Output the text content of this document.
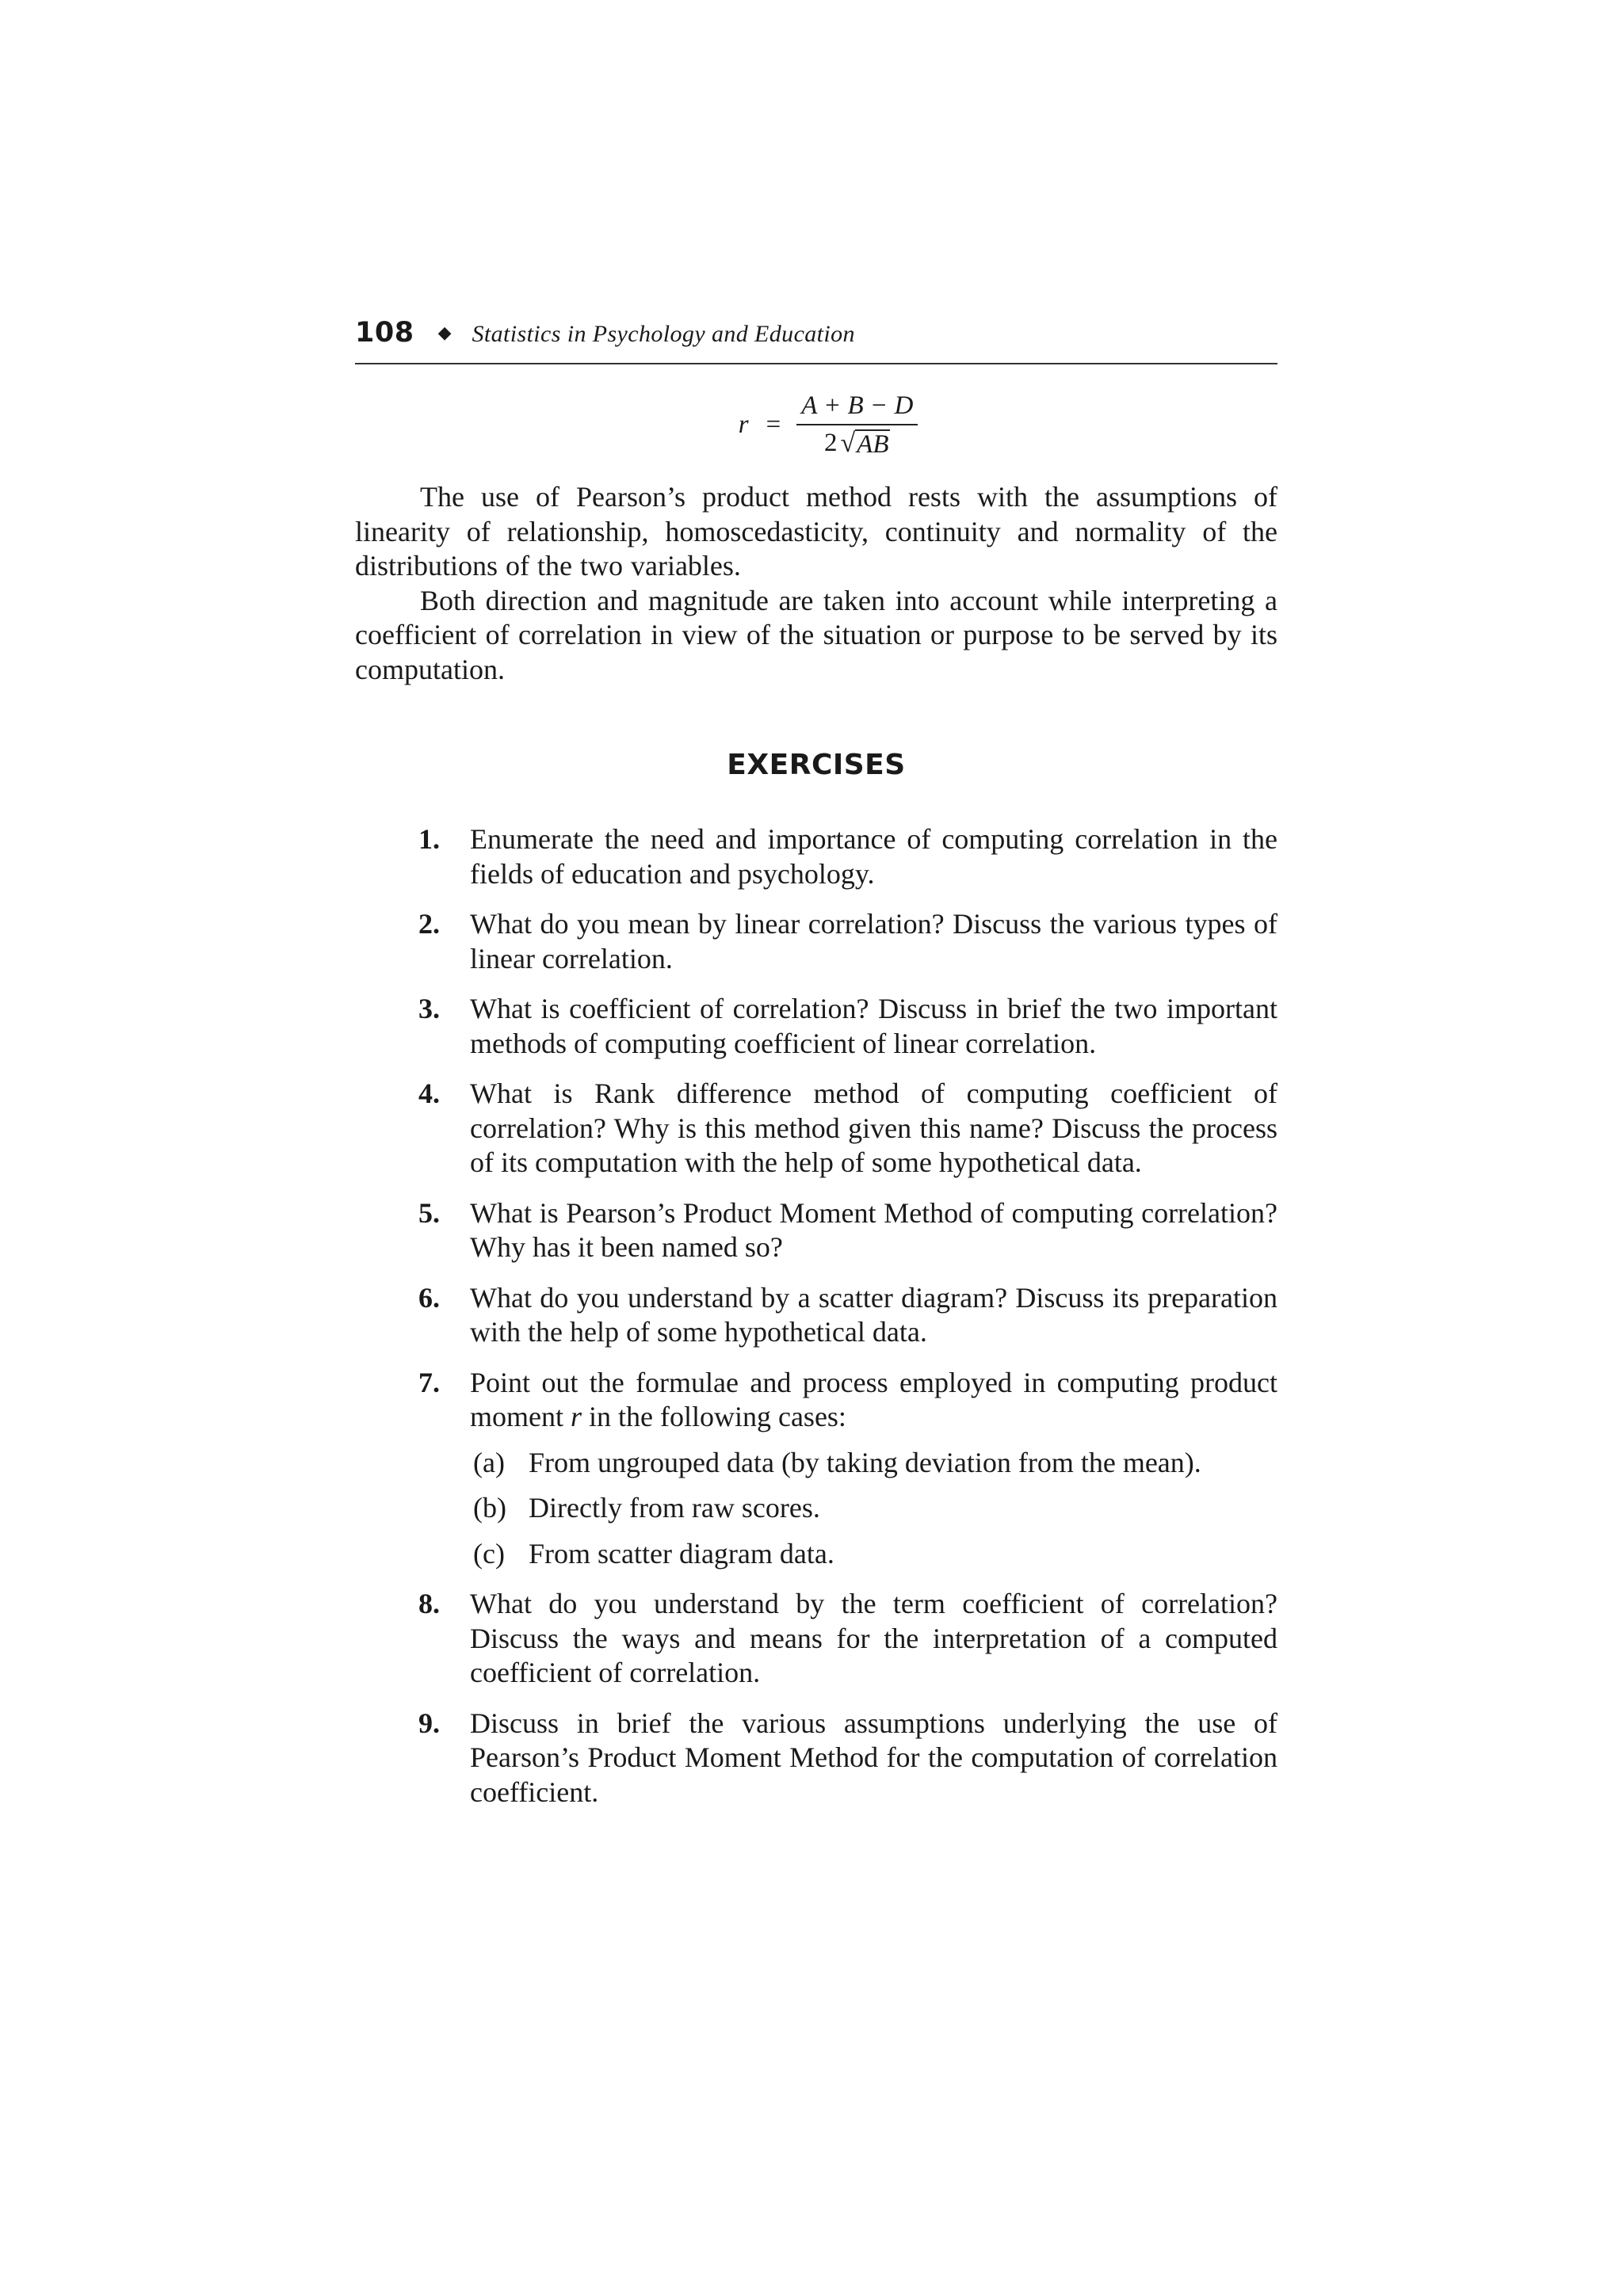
108 ◆ Statistics in Psychology and Education
$r = \frac{A + B - D}{2 √ AB}$

The use of Pearson’s product method rests with the assumptions of linearity of relationship, homoscedasticity, continuity and normality of the distributions of the two variables.

Both direction and magnitude are taken into account while interpreting a coefficient of correlation in view of the situation or purpose to be served by its computation.

EXERCISES
1. Enumerate the need and importance of computing correlation in the fields of education and psychology.

2. What do you mean by linear correlation? Discuss the various types of linear correlation.

3. What is coefficient of correlation? Discuss in brief the two important methods of computing coefficient of linear correlation.

4. What is Rank difference method of computing coefficient of correlation? Why is this method given this name? Discuss the process of its computation with the help of some hypothetical data.

5. What is Pearson’s Product Moment Method of computing correlation? Why has it been named so?

6. What do you understand by a scatter diagram? Discuss its preparation with the help of some hypothetical data.

7. Point out the formulae and process employed in computing product moment r in the following cases:

(a) From ungrouped data (by taking deviation from the mean).

(b) Directly from raw scores.

(c) From scatter diagram data.

8. What do you understand by the term coefficient of correlation? Discuss the ways and means for the interpretation of a computed coefficient of correlation.

9. Discuss in brief the various assumptions underlying the use of Pearson’s Product Moment Method for the computation of correlation coefficient.
